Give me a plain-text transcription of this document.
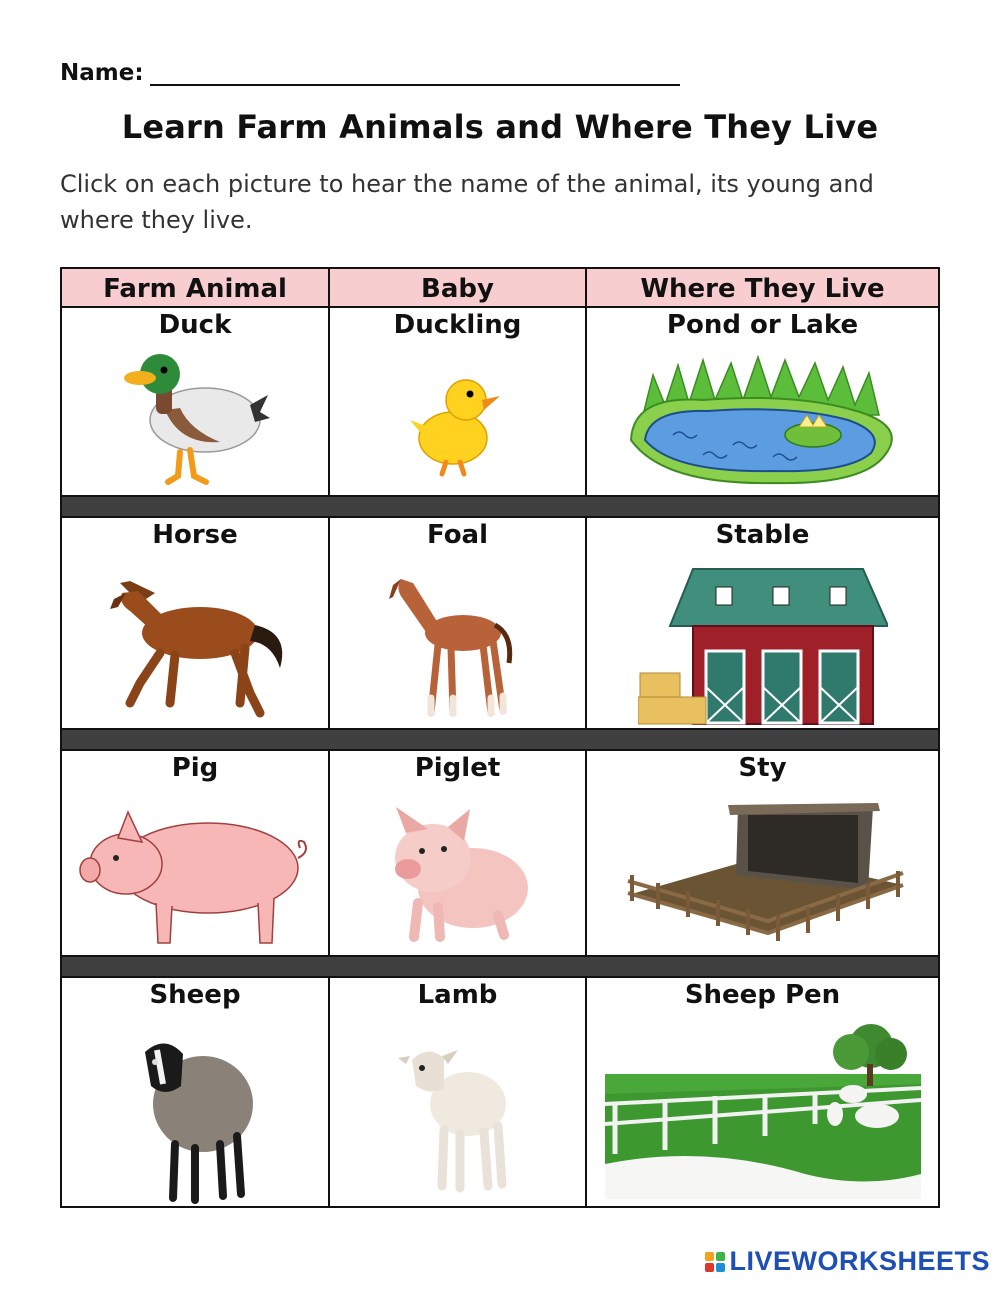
Name:
Learn Farm Animals and Where They Live
Click on each picture to hear the name of the animal, its young and where they live.
Farm Animal	Baby	Where They Live
Duck	Duckling	Pond or Lake
Horse	Foal	Stable
Pig	Piglet	Sty
Sheep	Lamb	Sheep Pen
LIVEWORKSHEETS
